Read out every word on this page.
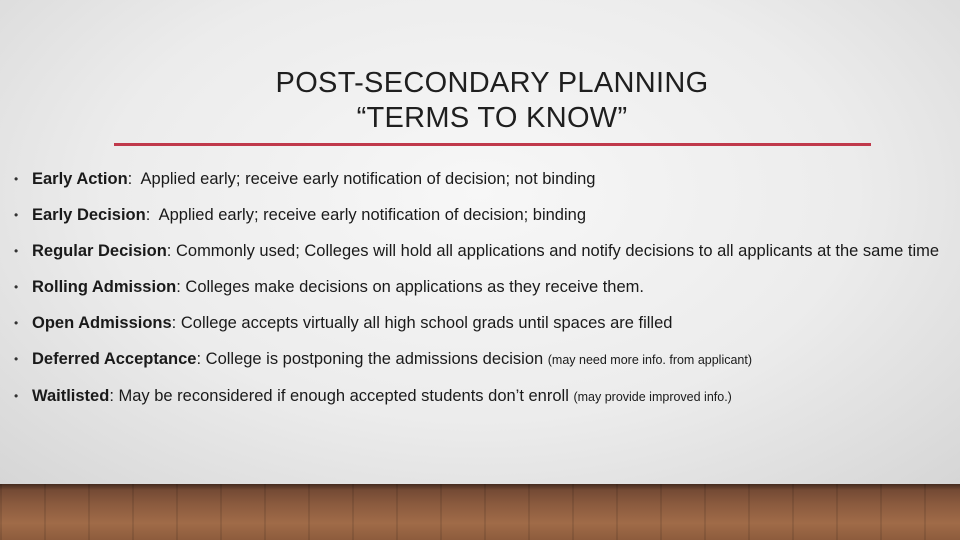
POST-SECONDARY PLANNING
“TERMS TO KNOW”
• Early Action:  Applied early; receive early notification of decision; not binding
• Early Decision:  Applied early; receive early notification of decision; binding
• Regular Decision: Commonly used; Colleges will hold all applications and notify decisions to all applicants at the same time
• Rolling Admission: Colleges make decisions on applications as they receive them.
• Open Admissions: College accepts virtually all high school grads until spaces are filled
• Deferred Acceptance: College is postponing the admissions decision (may need more info. from applicant)
• Waitlisted: May be reconsidered if enough accepted students don’t enroll (may provide improved info.)
